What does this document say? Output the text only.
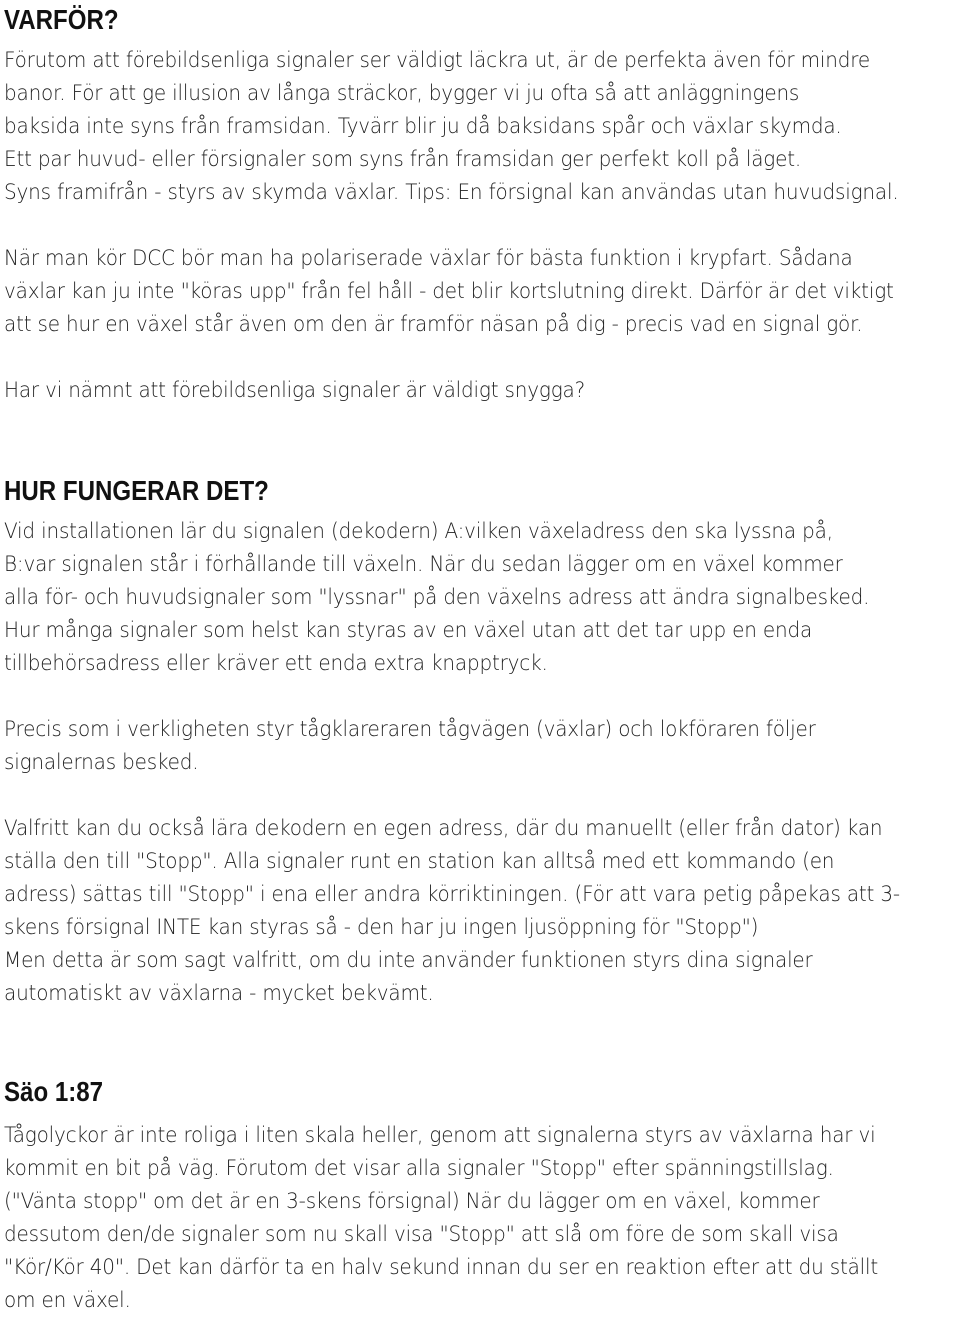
VARFÖR?
Förutom att förebildsenliga signaler ser väldigt läckra ut, är de perfekta även för mindre
banor. För att ge illusion av långa sträckor, bygger vi ju ofta så att anläggningens
baksida inte syns från framsidan. Tyvärr blir ju då baksidans spår och växlar skymda.
Ett par huvud- eller försignaler som syns från framsidan ger perfekt koll på läget.
Syns framifrån - styrs av skymda växlar. Tips: En försignal kan användas utan huvudsignal.
När man kör DCC bör man ha polariserade växlar för bästa funktion i krypfart. Sådana
växlar kan ju inte "köras upp" från fel håll - det blir kortslutning direkt. Därför är det viktigt
att se hur en växel står även om den är framför näsan på dig - precis vad en signal gör.
Har vi nämnt att förebildsenliga signaler är väldigt snygga?
HUR FUNGERAR DET?
Vid installationen lär du signalen (dekodern) A:vilken växeladress den ska lyssna på,
B:var signalen står i förhållande till växeln. När du sedan lägger om en växel kommer
alla för- och huvudsignaler som "lyssnar" på den växelns adress att ändra signalbesked.
Hur många signaler som helst kan styras av en växel utan att det tar upp en enda
tillbehörsadress eller kräver ett enda extra knapptryck.
Precis som i verkligheten styr tågklareraren tågvägen (växlar) och lokföraren följer
signalernas besked.
Valfritt kan du också lära dekodern en egen adress, där du manuellt (eller från dator) kan
ställa den till "Stopp". Alla signaler runt en station kan alltså med ett kommando (en
adress) sättas till "Stopp" i ena eller andra körriktiningen. (För att vara petig påpekas att 3-
skens försignal INTE kan styras så - den har ju ingen ljusöppning för "Stopp")
Men detta är som sagt valfritt, om du inte använder funktionen styrs dina signaler
automatiskt av växlarna - mycket bekvämt.
Säo 1:87
Tågolyckor är inte roliga i liten skala heller, genom att signalerna styrs av växlarna har vi
kommit en bit på väg. Förutom det visar alla signaler "Stopp" efter spänningstillslag.
("Vänta stopp" om det är en 3-skens försignal) När du lägger om en växel, kommer
dessutom den/de signaler som nu skall visa "Stopp" att slå om före de som skall visa
"Kör/Kör 40". Det kan därför ta en halv sekund innan du ser en reaktion efter att du ställt
om en växel.
